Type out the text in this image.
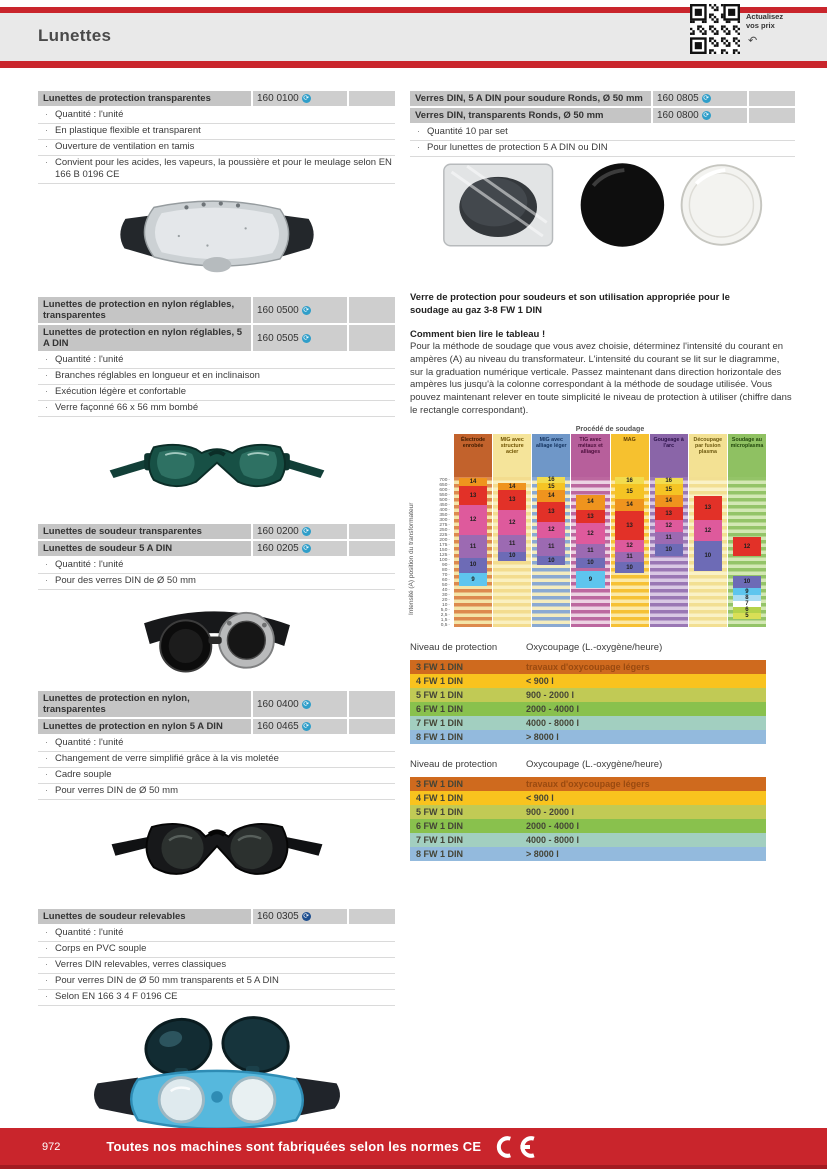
Lunettes
Actualisez vos prix
↶
Lunettes de protection transparentes	160 0100 ⟳
· Quantité : l'unité
· En plastique flexible et transparent
· Ouverture de ventilation en tamis
· Convient pour les acides, les vapeurs, la poussière et pour le meulage selon EN 166 B 0196 CE
Lunettes de protection en nylon réglables, transparentes	160 0500 ⟳
Lunettes de protection en nylon réglables, 5 A DIN	160 0505 ⟳
· Quantité : l'unité
· Branches réglables en longueur et en inclinaison
· Exécution légère et confortable
· Verre façonné 66 x 56 mm bombé
Lunettes de soudeur transparentes	160 0200 ⟳
Lunettes de soudeur 5 A DIN	160 0205 ⟳
· Quantité : l'unité
· Pour des verres DIN de Ø 50 mm
Lunettes de protection en nylon, transparentes	160 0400 ⟳
Lunettes de protection en nylon 5 A DIN	160 0465 ⟳
· Quantité : l'unité
· Changement de verre simplifié grâce à la vis moletée
· Cadre souple
· Pour verres DIN de Ø 50 mm
Lunettes de soudeur relevables	160 0305 ⟳
· Quantité : l'unité
· Corps en PVC souple
· Verres DIN relevables, verres classiques
· Pour verres DIN de Ø 50 mm transparents et 5 A DIN
· Selon EN 166 3 4 F 0196 CE
Verres DIN, 5 A DIN pour soudure Ronds, Ø 50 mm	160 0805 ⟳
Verres DIN, transparents Ronds, Ø 50 mm	160 0800 ⟳
· Quantité 10 par set
· Pour lunettes de protection 5 A DIN ou DIN
Verre de protection pour soudeurs et son utilisation appropriée pour le soudage au gaz 3-8 FW 1 DIN
Comment bien lire le tableau !
Pour la méthode de soudage que vous avez choisie, déterminez l'intensité du courant en ampères (A) au niveau du transformateur. L'intensité du courant se lit sur le diagramme, sur la graduation numérique verticale. Passez maintenant dans direction horizontale des ampères lus jusqu'à la colonne correspondant à la méthode de soudage utilisée. Vous pouvez maintenant relever en toute simplicité le niveau de protection à utiliser (chiffre dans le rectangle correspondant).
Procédé de soudage
Intensité (A) position du transformateur
700 -
650 -
600 -
550 -
500 -
450 -
400 -
350 -
300 -
275 -
250 -
225 -
200 -
175 -
150 -
125 -
100 -
90 -
80 -
70 -
60 -
50 -
40 -
30 -
20 -
10 -
5,0 -
2,5 -
1,5 -
0,5 -
Électrode enrobée
14
13
12
11
10
9
MIG avec structure acier
14
13
12
11
10
MIG avec alliage léger
16
15
14
13
12
11
10
TIG avec métaux et alliages
14
13
12
11
10
9
MAG
16
15
14
13
12
11
10
Gougeage à l'arc
16
15
14
13
12
11
10
Découpage par fusion plasma
13
12
10
Soudage au microplasma
12
10
9
8
7
6
5
Niveau de protection	Oxycoupage (L.-oxygène/heure)
3 FW 1 DIN	travaux d'oxycoupage légers
4 FW 1 DIN	< 900 l
5 FW 1 DIN	900 - 2000 l
6 FW 1 DIN	2000 - 4000 l
7 FW 1 DIN	4000 - 8000 l
8 FW 1 DIN	> 8000 l
Niveau de protection	Oxycoupage (L.-oxygène/heure)
3 FW 1 DIN	travaux d'oxycoupage légers
4 FW 1 DIN	< 900 l
5 FW 1 DIN	900 - 2000 l
6 FW 1 DIN	2000 - 4000 l
7 FW 1 DIN	4000 - 8000 l
8 FW 1 DIN	> 8000 l
972	Toutes nos machines sont fabriquées selon les normes CE
